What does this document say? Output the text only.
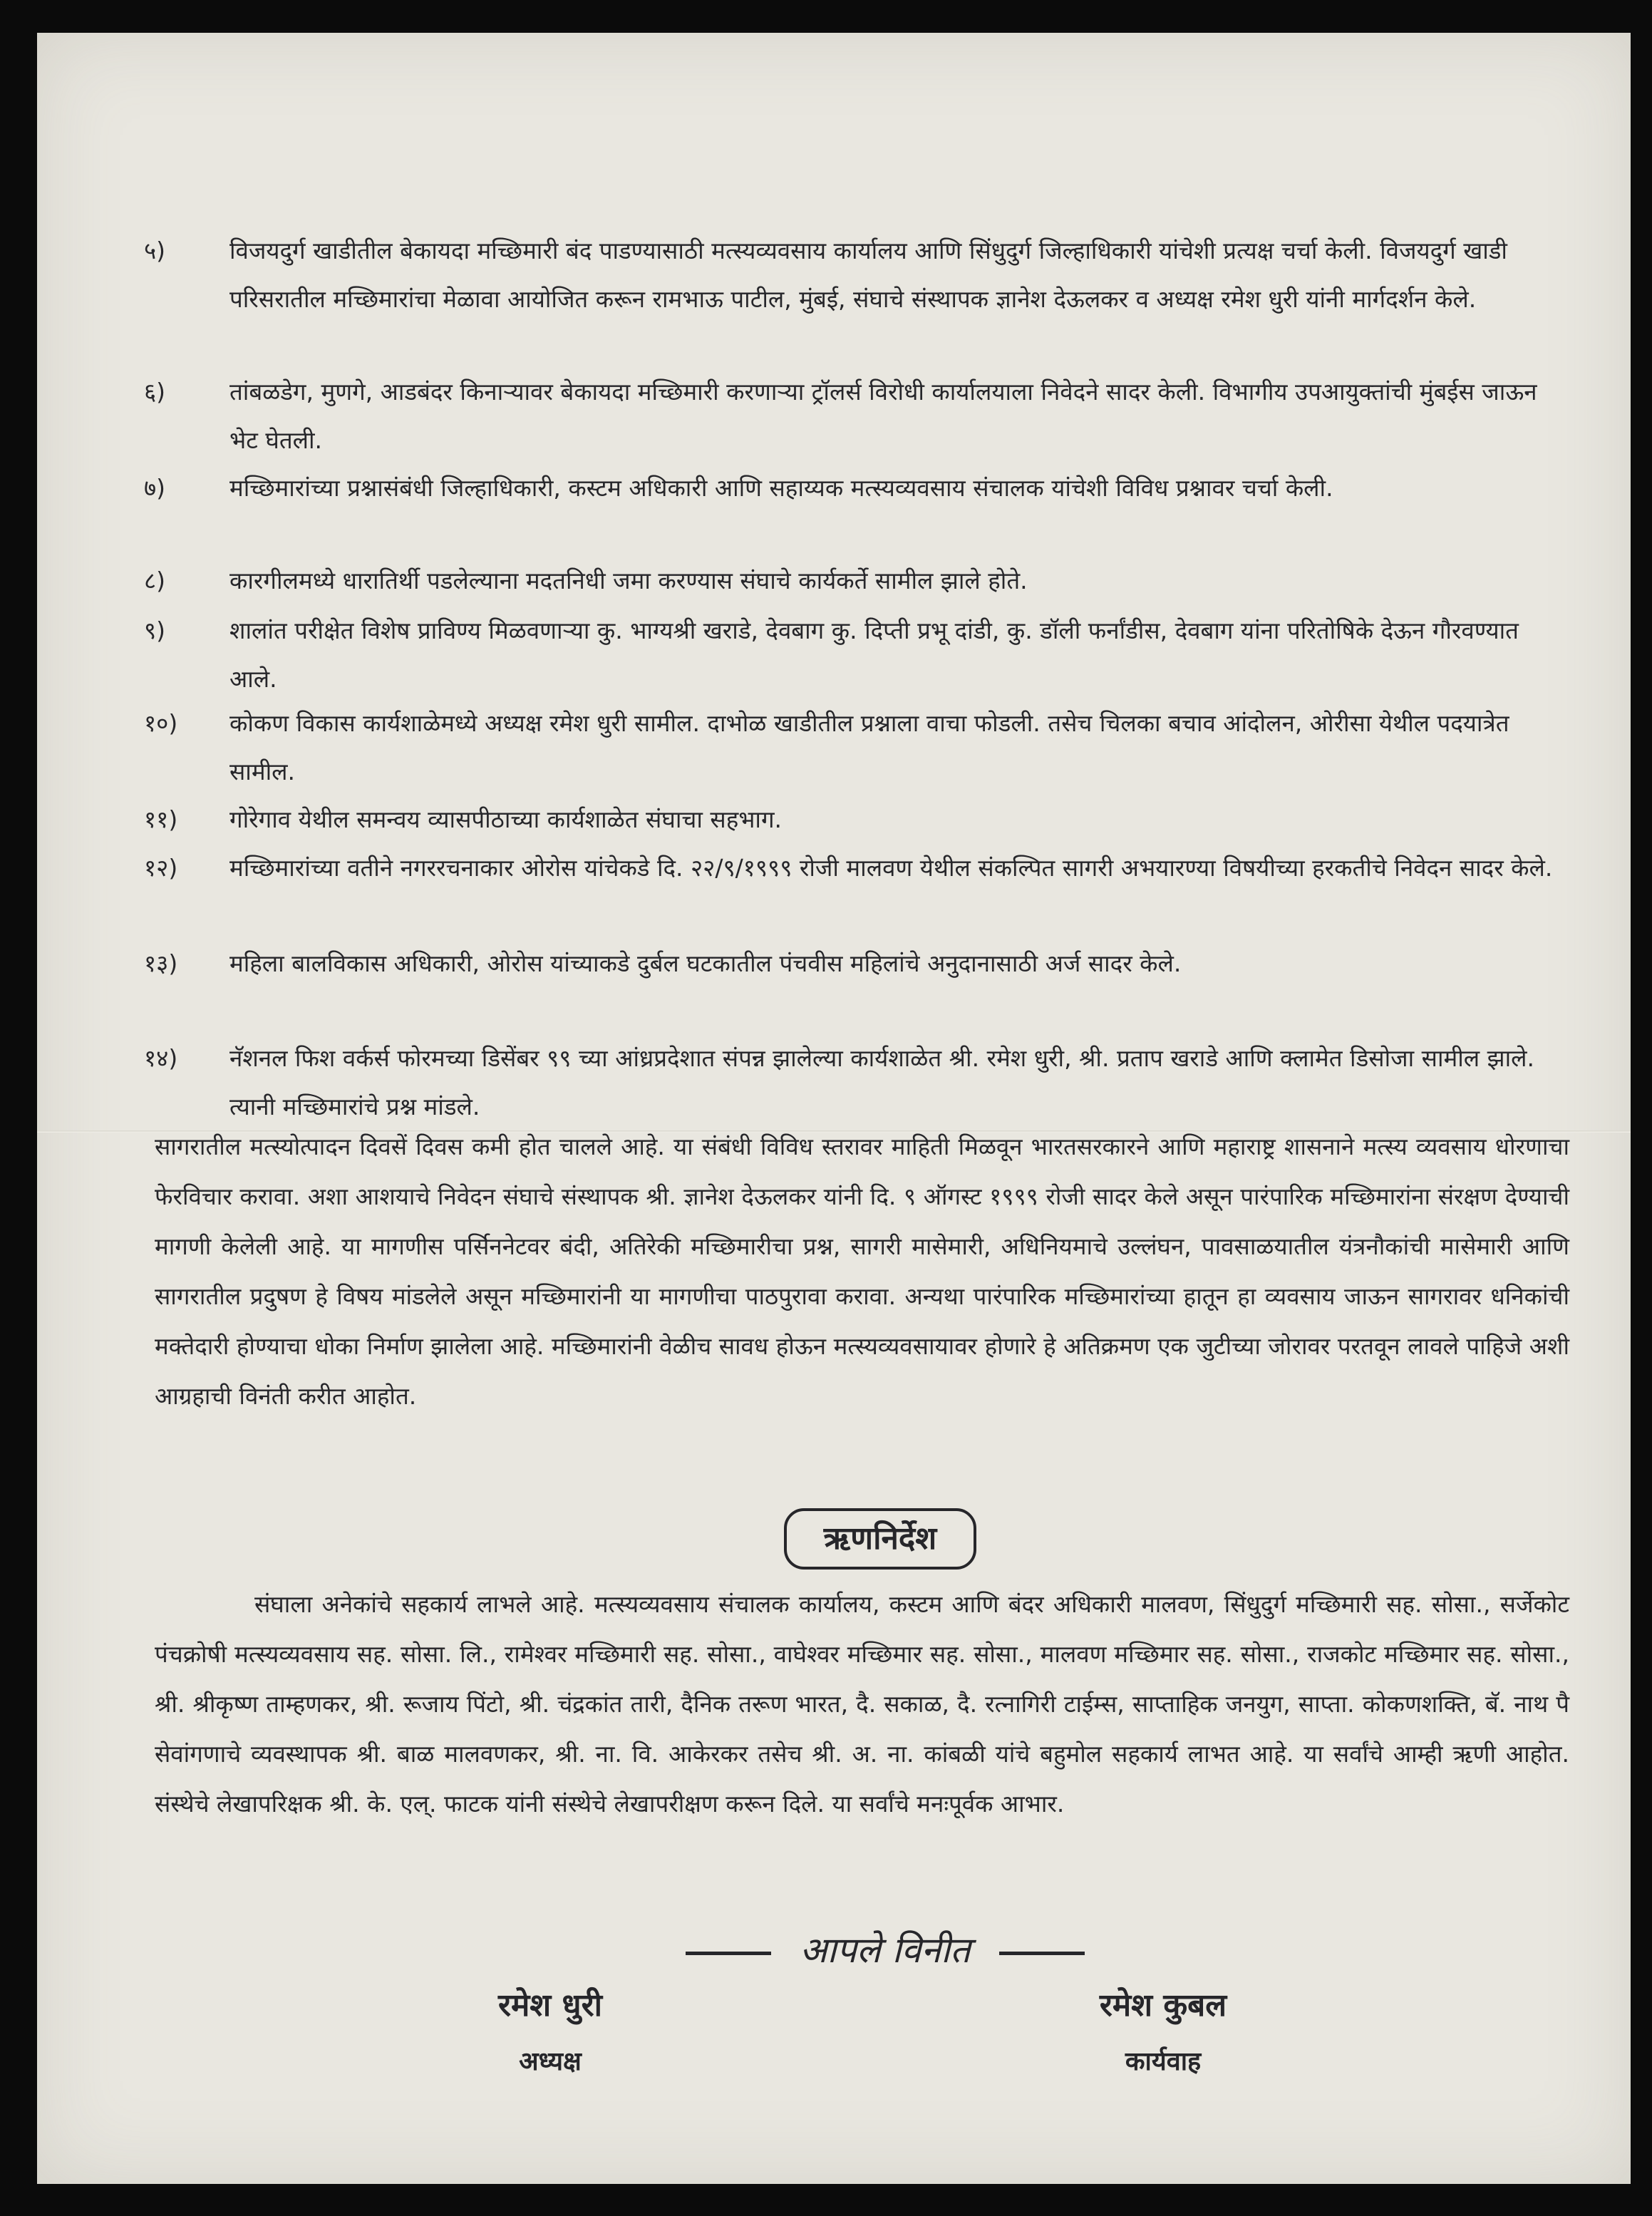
५)	विजयदुर्ग खाडीतील बेकायदा मच्छिमारी बंद पाडण्यासाठी मत्स्यव्यवसाय कार्यालय आणि सिंधुदुर्ग जिल्हाधिकारी यांचेशी प्रत्यक्ष चर्चा केली. विजयदुर्ग खाडी परिसरातील मच्छिमारांचा मेळावा आयोजित करून रामभाऊ पाटील, मुंबई, संघाचे संस्थापक ज्ञानेश देऊलकर व अध्यक्ष रमेश धुरी यांनी मार्गदर्शन केले.
६)	तांबळडेग, मुणगे, आडबंदर किनाऱ्यावर बेकायदा मच्छिमारी करणाऱ्या ट्रॉलर्स विरोधी कार्यालयाला निवेदने सादर केली. विभागीय उपआयुक्तांची मुंबईस जाऊन भेट घेतली.
७)	मच्छिमारांच्या प्रश्नासंबंधी जिल्हाधिकारी, कस्टम अधिकारी आणि सहाय्यक मत्स्यव्यवसाय संचालक यांचेशी विविध प्रश्नावर चर्चा केली.
८)	कारगीलमध्ये धारातिर्थी पडलेल्याना मदतनिधी जमा करण्यास संघाचे कार्यकर्ते सामील झाले होते.
९)	शालांत परीक्षेत विशेष प्राविण्य मिळवणाऱ्या कु. भाग्यश्री खराडे, देवबाग कु. दिप्ती प्रभू दांडी, कु. डॉली फर्नांडीस, देवबाग यांना परितोषिके देऊन गौरवण्यात आले.
१०) कोकण विकास कार्यशाळेमध्ये अध्यक्ष रमेश धुरी सामील. दाभोळ खाडीतील प्रश्नाला वाचा फोडली. तसेच चिलका बचाव आंदोलन, ओरीसा येथील पदयात्रेत सामील.
११) गोरेगाव येथील समन्वय व्यासपीठाच्या कार्यशाळेत संघाचा सहभाग.
१२) मच्छिमारांच्या वतीने नगररचनाकार ओरोस यांचेकडे दि. २२/९/१९९९ रोजी मालवण येथील संकल्पित सागरी अभयारण्या विषयीच्या हरकतीचे निवेदन सादर केले.
१३) महिला बालविकास अधिकारी, ओरोस यांच्याकडे दुर्बल घटकातील पंचवीस महिलांचे अनुदानासाठी अर्ज सादर केले.
१४) नॅशनल फिश वर्कर्स फोरमच्या डिसेंबर ९९ च्या आंध्रप्रदेशात संपन्न झालेल्या कार्यशाळेत श्री. रमेश धुरी, श्री. प्रताप खराडे आणि क्लामेत डिसोजा सामील झाले. त्यानी मच्छिमारांचे प्रश्न मांडले.
सागरातील मत्स्योत्पादन दिवसें दिवस कमी होत चालले आहे. या संबंधी विविध स्तरावर माहिती मिळवून भारतसरकारने आणि महाराष्ट्र शासनाने मत्स्य व्यवसाय धोरणाचा फेरविचार करावा. अशा आशयाचे निवेदन संघाचे संस्थापक श्री. ज्ञानेश देऊलकर यांनी दि. ९ ऑगस्ट १९९९ रोजी सादर केले असून पारंपारिक मच्छिमारांना संरक्षण देण्याची मागणी केलेली आहे. या मागणीस पर्सिननेटवर बंदी, अतिरेकी मच्छिमारीचा प्रश्न, सागरी मासेमारी, अधिनियमाचे उल्लंघन, पावसाळयातील यंत्रनौकांची मासेमारी आणि सागरातील प्रदुषण हे विषय मांडलेले असून मच्छिमारांनी या मागणीचा पाठपुरावा करावा. अन्यथा पारंपारिक मच्छिमारांच्या हातून हा व्यवसाय जाऊन सागरावर धनिकांची मक्तेदारी होण्याचा धोका निर्माण झालेला आहे. मच्छिमारांनी वेळीच सावध होऊन मत्स्यव्यवसायावर होणारे हे अतिक्रमण एक जुटीच्या जोरावर परतवून लावले पाहिजे अशी आग्रहाची विनंती करीत आहोत.
ऋणनिर्देश
संघाला अनेकांचे सहकार्य लाभले आहे. मत्स्यव्यवसाय संचालक कार्यालय, कस्टम आणि बंदर अधिकारी मालवण, सिंधुदुर्ग मच्छिमारी सह. सोसा., सर्जेकोट पंचक्रोषी मत्स्यव्यवसाय सह. सोसा. लि., रामेश्वर मच्छिमारी सह. सोसा., वाघेश्वर मच्छिमार सह. सोसा., मालवण मच्छिमार सह. सोसा., राजकोट मच्छिमार सह. सोसा., श्री. श्रीकृष्ण ताम्हणकर, श्री. रूजाय पिंटो, श्री. चंद्रकांत तारी, दैनिक तरूण भारत, दै. सकाळ, दै. रत्नागिरी टाईम्स, साप्ताहिक जनयुग, साप्ता. कोकणशक्ति, बॅ. नाथ पै सेवांगणाचे व्यवस्थापक श्री. बाळ मालवणकर, श्री. ना. वि. आकेरकर तसेच श्री. अ. ना. कांबळी यांचे बहुमोल सहकार्य लाभत आहे. या सर्वांचे आम्ही ऋणी आहोत. संस्थेचे लेखापरिक्षक श्री. के. एल्. फाटक यांनी संस्थेचे लेखापरीक्षण करून दिले. या सर्वांचे मनःपूर्वक आभार.
आपले विनीत
रमेश धुरी
अध्यक्ष
रमेश कुबल
कार्यवाह
